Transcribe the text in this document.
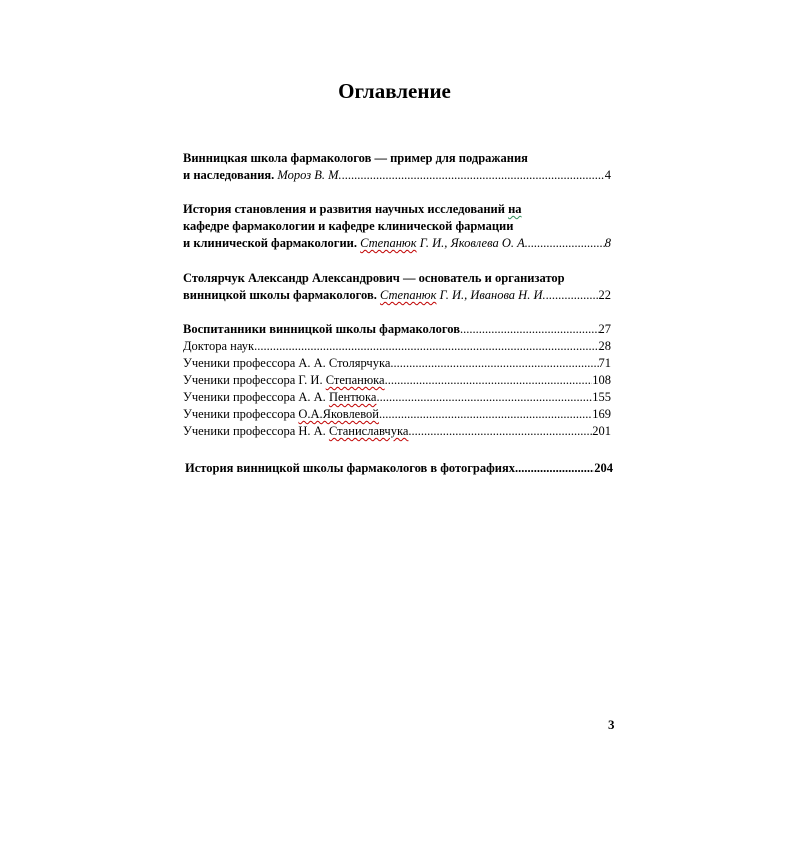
Оглавление
Винницкая школа фармакологов — пример для подражания
и наследования. Мороз В. М. .....	4
История становления и развития научных исследований на
кафедре фармакологии и кафедре клинической фармации
и клинической фармакологии. Степанюк Г. И., Яковлева О. А .....	8
Столярчук Александр Александрович — основатель и организатор
винницкой школы фармакологов. Степанюк Г. И., Иванова Н. И. .....	22
Воспитанники винницкой школы фармакологов .....	27
Доктора наук .....	28
Ученики профессора А. А. Столярчука .....	71
Ученики профессора Г. И. Степанюка .....	108
Ученики профессора А. А. Пентюка .....	155
Ученики профессора О.А.Яковлевой .....	169
Ученики профессора Н. А. Станиславчука .....	201
История винницкой школы фармакологов в фотографиях .....	204
3
